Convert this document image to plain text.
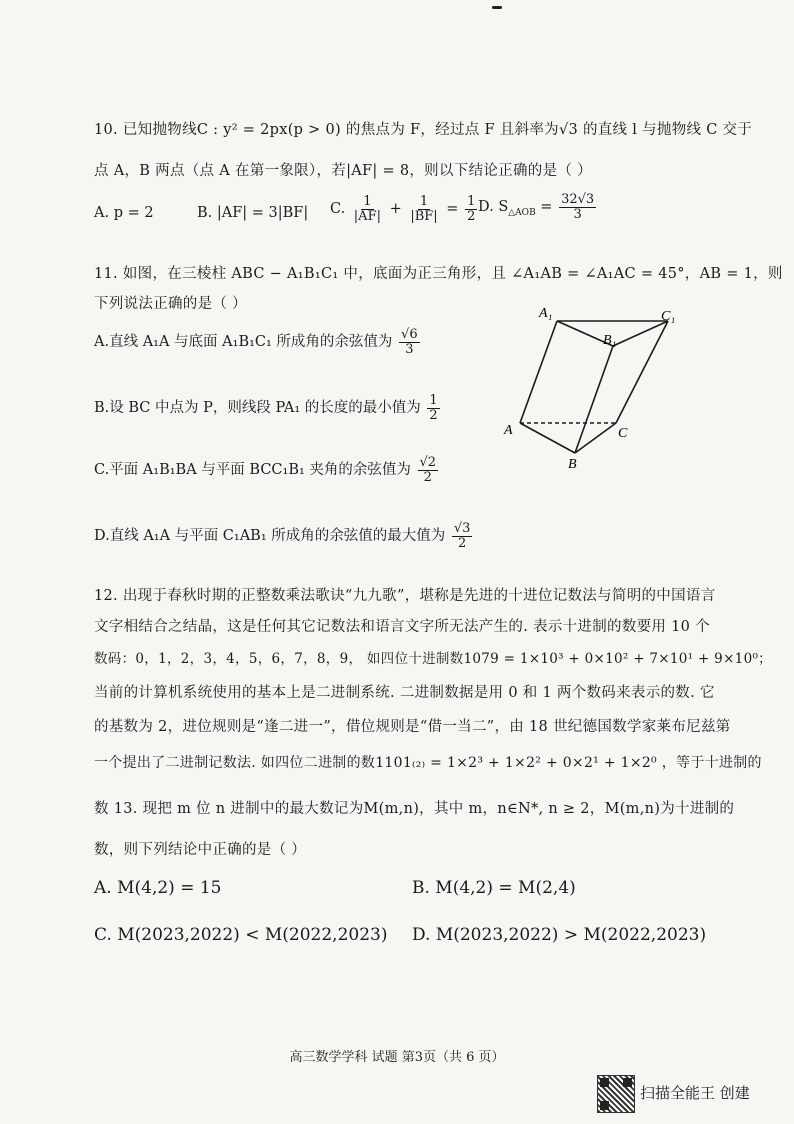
10. 已知抛物线C : y² = 2px(p > 0) 的焦点为 F，经过点 F 且斜率为√3 的直线 l 与抛物线 C 交于
点 A，B 两点（点 A 在第一象限），若|AF| = 8，则以下结论正确的是（ ）
A. p = 2	B. |AF| = 3|BF| C. $\frac{1}{|AF|} + \frac{1}{|BF|} = \frac{1}{2} D$. $S_{\triangle AOB} = \frac{32√3}{3}$
11. 如图，在三棱柱 ABC − A₁B₁C₁ 中，底面为正三角形，且 ∠A₁AB = ∠A₁AC = 45°，AB = 1，则
下列说法正确的是（ ）
A.直线 A₁A 与底面 A₁B₁C₁ 所成角的余弦值为 $\frac{√6}{3}$
B.设 BC 中点为 P，则线段 PA₁ 的长度的最小值为 $\frac{1}{2}$
C.平面 A₁B₁BA 与平面 BCC₁B₁ 夹角的余弦值为 $\frac{√2}{2}$
D.直线 A₁A 与平面 C₁AB₁ 所成角的余弦值的最大值为 $\frac{√3}{2}$
A₁	C₁
B₁
A	C
B
12. 出现于春秋时期的正整数乘法歌诀“九九歌”，堪称是先进的十进位记数法与简明的中国语言
文字相结合之结晶，这是任何其它记数法和语言文字所无法产生的. 表示十进制的数要用 10 个
数码：0，1，2，3，4，5，6，7，8，9， 如四位十进制数1079 = 1×10³ + 0×10² + 7×10¹ + 9×10⁰；
当前的计算机系统使用的基本上是二进制系统. 二进制数据是用 0 和 1 两个数码来表示的数. 它
的基数为 2，进位规则是“逢二进一”，借位规则是“借一当二”，由 18 世纪德国数学家莱布尼兹第
一个提出了二进制记数法. 如四位二进制的数1101₍₂₎ = 1×2³ + 1×2² + 0×2¹ + 1×2⁰ ，等于十进制的
数 13. 现把 m 位 n 进制中的最大数记为M(m,n)，其中 m，n∈N*, n ≥ 2，M(m,n)为十进制的
数，则下列结论中正确的是（ ）
A. M(4,2) = 15	B. M(4,2) = M(2,4)
C. M(2023,2022) < M(2022,2023) D. M(2023,2022) > M(2022,2023)
高三数学学科 试题 第3页（共 6 页）
扫描全能王 创建
